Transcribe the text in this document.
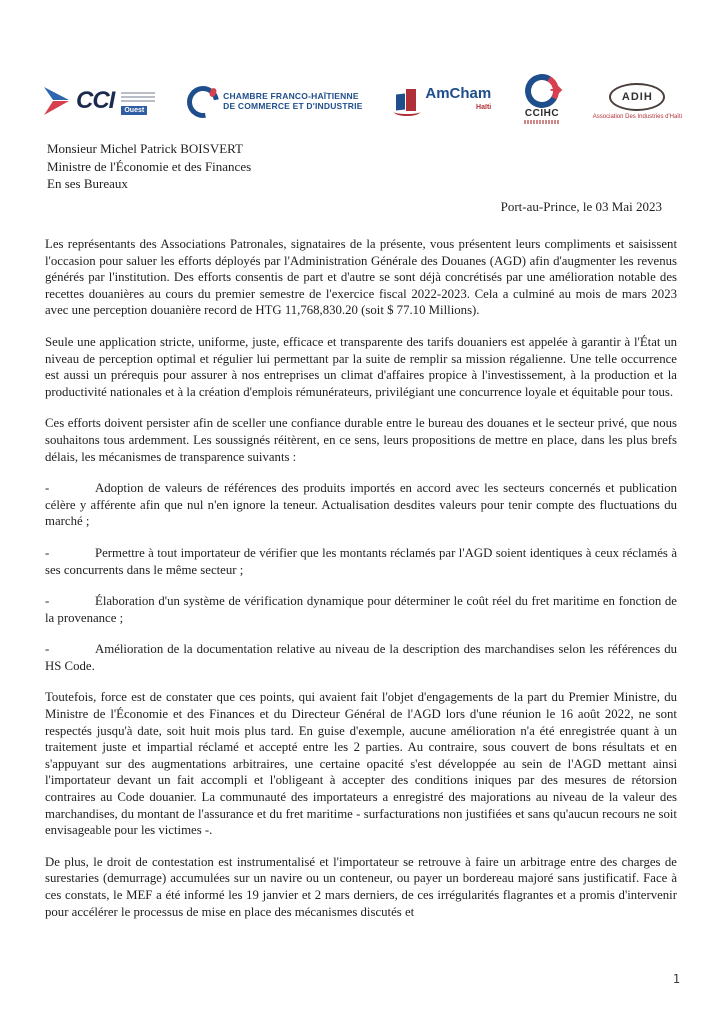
CCI	Ouest
CHAMBRE FRANCO-HAÏTIENNE
DE COMMERCE ET D'INDUSTRIE
AmCham
Haïti
➔
CCIHC
ADIH
Association Des Industries d'Haïti
Monsieur Michel Patrick BOISVERT
Ministre de l'Économie et des Finances
En ses Bureaux
Port-au-Prince, le 03 Mai 2023
Les représentants des Associations Patronales, signataires de la présente, vous présentent leurs compliments et saisissent l'occasion pour saluer les efforts déployés par l'Administration Générale des Douanes (AGD) afin d'augmenter les revenus générés par l'institution. Des efforts consentis de part et d'autre se sont déjà concrétisés par une amélioration notable des recettes douanières au cours du premier semestre de l'exercice fiscal 2022-2023. Cela a culminé au mois de mars 2023 avec une perception douanière record de HTG 11,768,830.20 (soit $ 77.10 Millions).
Seule une application stricte, uniforme, juste, efficace et transparente des tarifs douaniers est appelée à garantir à l'État un niveau de perception optimal et régulier lui permettant par la suite de remplir sa mission régalienne. Une telle occurrence est aussi un prérequis pour assurer à nos entreprises un climat d'affaires propice à l'investissement, à la production et la productivité nationales et à la création d'emplois rémunérateurs, privilégiant une concurrence loyale et équitable pour tous.
Ces efforts doivent persister afin de sceller une confiance durable entre le bureau des douanes et le secteur privé, que nous souhaitons tous ardemment. Les soussignés réitèrent, en ce sens, leurs propositions de mettre en place, dans les plus brefs délais, les mécanismes de transparence suivants :
-	Adoption de valeurs de références des produits importés en accord avec les secteurs concernés et publication célère y afférente afin que nul n'en ignore la teneur. Actualisation desdites valeurs pour tenir compte des fluctuations du marché ;
-	Permettre à tout importateur de vérifier que les montants réclamés par l'AGD soient identiques à ceux réclamés à ses concurrents dans le même secteur ;
-	Élaboration d'un système de vérification dynamique pour déterminer le coût réel du fret maritime en fonction de la provenance ;
-	Amélioration de la documentation relative au niveau de la description des marchandises selon les références du HS Code.
Toutefois, force est de constater que ces points, qui avaient fait l'objet d'engagements de la part du Premier Ministre, du Ministre de l'Économie et des Finances et du Directeur Général de l'AGD lors d'une réunion le 16 août 2022, ne sont respectés jusqu'à date, soit huit mois plus tard. En guise d'exemple, aucune amélioration n'a été enregistrée quant à un traitement juste et impartial réclamé et accepté entre les 2 parties. Au contraire, sous couvert de bons résultats et en s'appuyant sur des augmentations arbitraires, une certaine opacité s'est développée au sein de l'AGD mettant ainsi l'importateur devant un fait accompli et l'obligeant à accepter des conditions iniques par des mesures de rétorsion contraires au Code douanier. La communauté des importateurs a enregistré des majorations au niveau de la valeur des marchandises, du montant de l'assurance et du fret maritime - surfacturations non justifiées et sans qu'aucun recours ne soit envisageable pour les victimes -.
De plus, le droit de contestation est instrumentalisé et l'importateur se retrouve à faire un arbitrage entre des charges de surestaries (demurrage) accumulées sur un navire ou un conteneur, ou payer un bordereau majoré sans justificatif. Face à ces constats, le MEF a été informé les 19 janvier et 2 mars derniers, de ces irrégularités flagrantes et a promis d'intervenir pour accélérer le processus de mise en place des mécanismes discutés et
1
